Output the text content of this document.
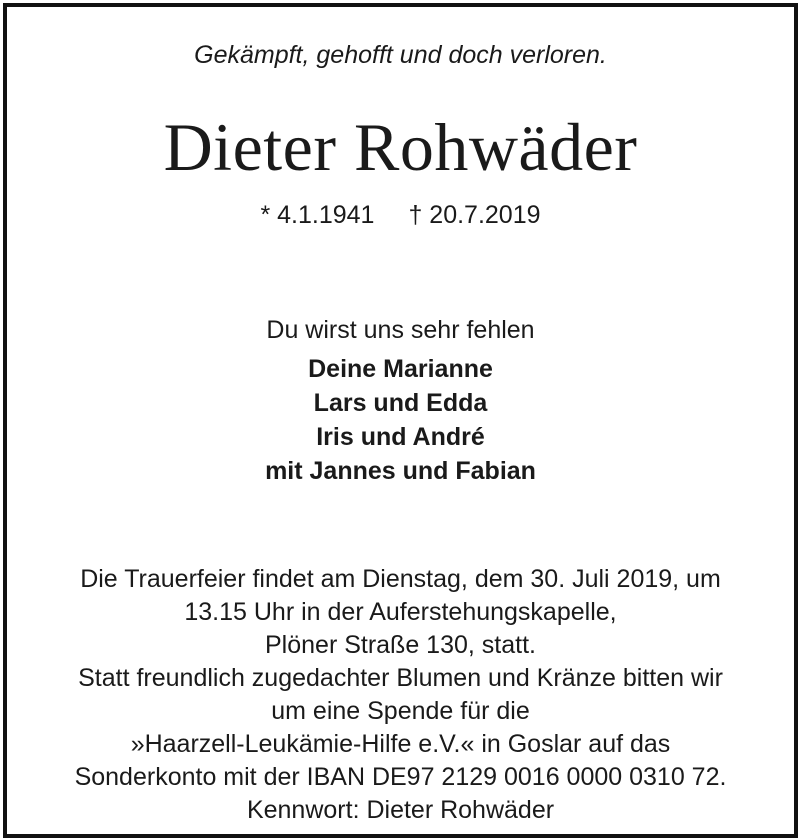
Gekämpft, gehofft und doch verloren.
Dieter Rohwäder
* 4.1.1941 † 20.7.2019
Du wirst uns sehr fehlen
Deine Marianne
Lars und Edda
Iris und André
mit Jannes und Fabian
Die Trauerfeier findet am Dienstag, dem 30. Juli 2019, um
13.15 Uhr in der Auferstehungskapelle,
Plöner Straße 130, statt.
Statt freundlich zugedachter Blumen und Kränze bitten wir
um eine Spende für die
»Haarzell-Leukämie-Hilfe e.V.« in Goslar auf das
Sonderkonto mit der IBAN DE97 2129 0016 0000 0310 72.
Kennwort: Dieter Rohwäder
